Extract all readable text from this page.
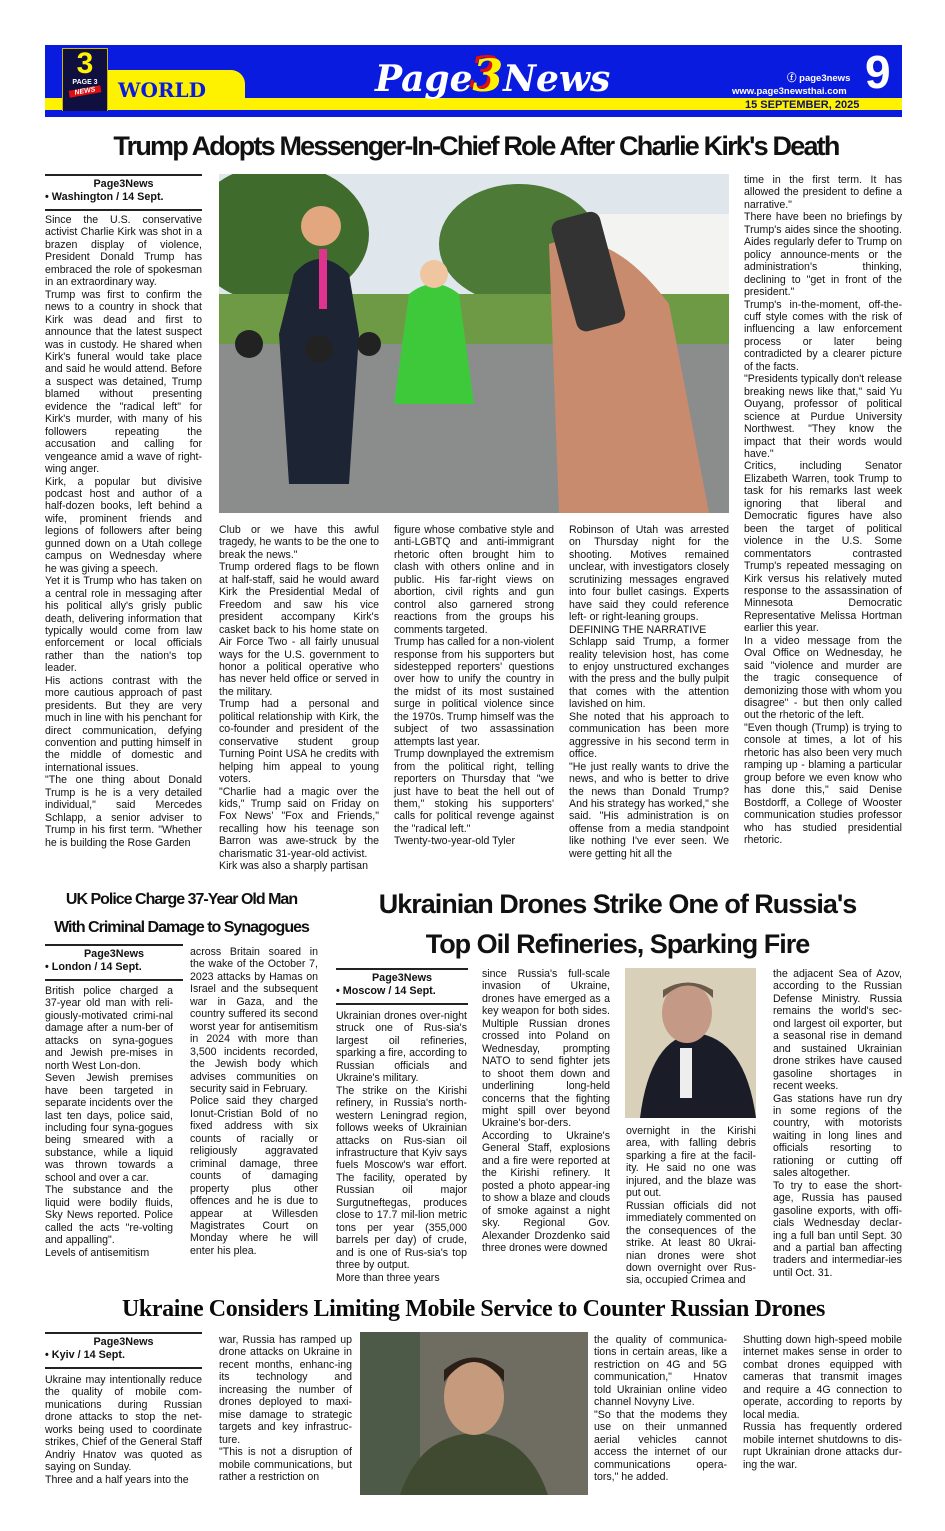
3
PAGE 3
NEWS WORLD	Page3News	ⓕ page3news
www.page3newsthai.com 9
15 SEPTEMBER, 2025
Trump Adopts Messenger-In-Chief Role After Charlie Kirk's Death
Page3News
• Washington / 14 Sept.

Since the U.S. conservative activist Charlie Kirk was shot in a brazen display of violence, President Donald Trump has embraced the role of spokesman in an extraordinary way.

Trump was first to confirm the news to a country in shock that Kirk was dead and first to announce that the latest suspect was in custody. He shared when Kirk's funeral would take place and said he would attend. Before a suspect was detained, Trump blamed without presenting evidence the "radical left" for Kirk's murder, with many of his followers repeating the accusation and calling for vengeance amid a wave of right-wing anger.

Kirk, a popular but divisive podcast host and author of a half-dozen books, left behind a wife, prominent friends and legions of followers after being gunned down on a Utah college campus on Wednesday where he was giving a speech.

Yet it is Trump who has taken on a central role in messaging after his political ally's grisly public death, delivering information that typically would come from law enforcement or local officials rather than the nation's top leader.

His actions contrast with the more cautious approach of past presidents. But they are very much in line with his penchant for direct communication, defying convention and putting himself in the middle of domestic and international issues.

"The one thing about Donald Trump is he is a very detailed individual," said Mercedes Schlapp, a senior adviser to Trump in his first term. "Whether he is building the Rose Garden

Club or we have this awful tragedy, he wants to be the one to break the news."

Trump ordered flags to be flown at half-staff, said he would award Kirk the Presidential Medal of Freedom and saw his vice president accompany Kirk's casket back to his home state on Air Force Two - all fairly unusual ways for the U.S. government to honor a political operative who has never held office or served in the military.

Trump had a personal and political relationship with Kirk, the co-founder and president of the conservative student group Turning Point USA he credits with helping him appeal to young voters.

"Charlie had a magic over the kids," Trump said on Friday on Fox News' "Fox and Friends," recalling how his teenage son Barron was awe-struck by the charismatic 31-year-old activist.

Kirk was also a sharply partisan

figure whose combative style and anti-LGBTQ and anti-immigrant rhetoric often brought him to clash with others online and in public. His far-right views on abortion, civil rights and gun control also garnered strong reactions from the groups his comments targeted.

Trump has called for a non-violent response from his supporters but sidestepped reporters' questions over how to unify the country in the midst of its most sustained surge in political violence since the 1970s. Trump himself was the subject of two assassination attempts last year.

Trump downplayed the extremism from the political right, telling reporters on Thursday that "we just have to beat the hell out of them," stoking his supporters' calls for political revenge against the "radical left."

Twenty-two-year-old Tyler

Robinson of Utah was arrested on Thursday night for the shooting. Motives remained unclear, with investigators closely scrutinizing messages engraved into four bullet casings. Experts have said they could reference left- or right-leaning groups.

DEFINING THE NARRATIVE

Schlapp said Trump, a former reality television host, has come to enjoy unstructured exchanges with the press and the bully pulpit that comes with the attention lavished on him.

She noted that his approach to communication has been more aggressive in his second term in office.

"He just really wants to drive the news, and who is better to drive the news than Donald Trump? And his strategy has worked," she said. "His administration is on offense from a media standpoint like nothing I've ever seen. We were getting hit all the

time in the first term. It has allowed the president to define a narrative."

There have been no briefings by Trump's aides since the shooting. Aides regularly defer to Trump on policy announce-ments or the administration's thinking, declining to "get in front of the president."

Trump's in-the-moment, off-the-cuff style comes with the risk of influencing a law enforcement process or later being contradicted by a clearer picture of the facts.

"Presidents typically don't release breaking news like that," said Yu Ouyang, professor of political science at Purdue University Northwest. "They know the impact that their words would have."

Critics, including Senator Elizabeth Warren, took Trump to task for his remarks last week ignoring that liberal and Democratic figures have also been the target of political violence in the U.S. Some commentators contrasted Trump's repeated messaging on Kirk versus his relatively muted response to the assassination of Minnesota Democratic Representative Melissa Hortman earlier this year.

In a video message from the Oval Office on Wednesday, he said "violence and murder are the tragic consequence of demonizing those with whom you disagree" - but then only called out the rhetoric of the left.

"Even though (Trump) is trying to console at times, a lot of his rhetoric has also been very much ramping up - blaming a particular group before we even know who has done this," said Denise Bostdorff, a College of Wooster communication studies professor who has studied presidential rhetoric.

UK Police Charge 37-Year Old Man
With Criminal Damage to Synagogues
Page3News
• London / 14 Sept.

British police charged a 37-year old man with reli-giously-motivated crimi-nal damage after a num-ber of attacks on syna-gogues and Jewish pre-mises in north West Lon-don.

Seven Jewish premises have been targeted in separate incidents over the last ten days, police said, including four syna-gogues being smeared with a substance, while a liquid was thrown towards a school and over a car.

The substance and the liquid were bodily fluids, Sky News reported. Police called the acts "re-volting and appalling".

Levels of antisemitism

across Britain soared in the wake of the October 7, 2023 attacks by Hamas on Israel and the subsequent war in Gaza, and the country suffered its second worst year for antisemitism in 2024 with more than 3,500 incidents recorded, the Jewish body which advises communities on security said in February.

Police said they charged Ionut-Cristian Bold of no fixed address with six counts of racially or religiously aggravated criminal damage, three counts of damaging property plus other offences and he is due to appear at Willesden Magistrates Court on Monday where he will enter his plea.

Ukrainian Drones Strike One of Russia's
Top Oil Refineries, Sparking Fire
Page3News
• Moscow / 14 Sept.

Ukrainian drones over-night struck one of Rus-sia's largest oil refineries, sparking a fire, according to Russian officials and Ukraine's military.

The strike on the Kirishi refinery, in Russia's north-western Leningrad region, follows weeks of Ukrainian attacks on Rus-sian oil infrastructure that Kyiv says fuels Moscow's war effort. The facility, operated by Russian oil major Surgutneftegas, produces close to 17.7 mil-lion metric tons per year (355,000 barrels per day) of crude, and is one of Rus-sia's top three by output.

More than three years

since Russia's full-scale invasion of Ukraine, drones have emerged as a key weapon for both sides. Multiple Russian drones crossed into Poland on Wednesday, prompting NATO to send fighter jets to shoot them down and underlining long-held concerns that the fighting might spill over beyond Ukraine's bor-ders.

According to Ukraine's General Staff, explosions and a fire were reported at the Kirishi refinery. It posted a photo appear-ing to show a blaze and clouds of smoke against a night sky. Regional Gov. Alexander Drozdenko said three drones were downed

overnight in the Kirishi area, with falling debris sparking a fire at the facil-ity. He said no one was injured, and the blaze was put out.

Russian officials did not immediately commented on the consequences of the strike. At least 80 Ukrai-nian drones were shot down overnight over Rus-sia, occupied Crimea and

the adjacent Sea of Azov, according to the Russian Defense Ministry. Russia remains the world's sec-ond largest oil exporter, but a seasonal rise in demand and sustained Ukrainian drone strikes have caused gasoline shortages in recent weeks.

Gas stations have run dry in some regions of the country, with motorists waiting in long lines and officials resorting to rationing or cutting off sales altogether.

To try to ease the short-age, Russia has paused gasoline exports, with offi-cials Wednesday declar-ing a full ban until Sept. 30 and a partial ban affecting traders and intermediar-ies until Oct. 31.

Ukraine Considers Limiting Mobile Service to Counter Russian Drones
Page3News
• Kyiv / 14 Sept.

Ukraine may intentionally reduce the quality of mobile com-munications during Russian drone attacks to stop the net-works being used to coordinate strikes, Chief of the General Staff Andriy Hnatov was quoted as saying on Sunday.

Three and a half years into the

war, Russia has ramped up drone attacks on Ukraine in recent months, enhanc-ing its technology and increasing the number of drones deployed to maxi-mise damage to strategic targets and key infrastruc-ture.

"This is not a disruption of mobile communications, but rather a restriction on

the quality of communica-tions in certain areas, like a restriction on 4G and 5G communication," Hnatov told Ukrainian online video channel Novyny Live.

"So that the modems they use on their unmanned aerial vehicles cannot access the internet of our communications opera-tors," he added.

Shutting down high-speed mobile internet makes sense in order to combat drones equipped with cameras that transmit images and require a 4G connection to operate, according to reports by local media.

Russia has frequently ordered mobile internet shutdowns to dis-rupt Ukrainian drone attacks dur-ing the war.
